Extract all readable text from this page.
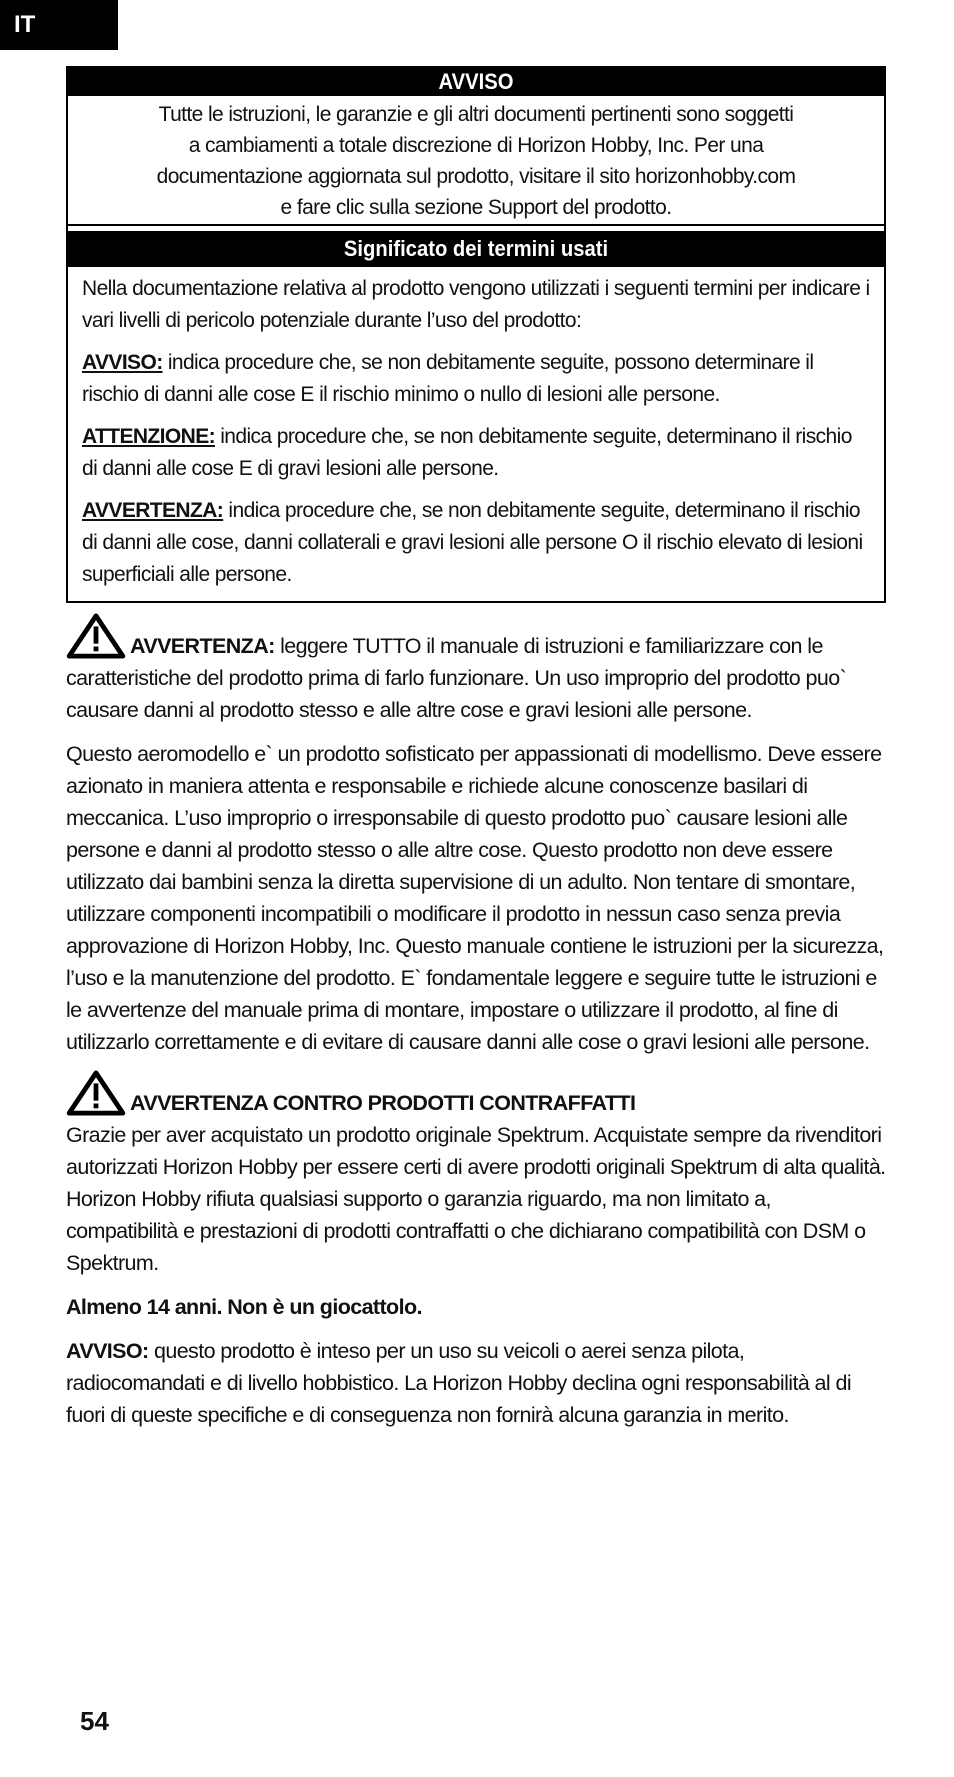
IT
AVVISO
Tutte le istruzioni, le garanzie e gli altri documenti pertinenti sono soggetti
a cambiamenti a totale discrezione di Horizon Hobby, Inc. Per una
documentazione aggiornata sul prodotto, visitare il sito horizonhobby.com
e fare clic sulla sezione Support del prodotto.
Significato dei termini usati

Nella documentazione relativa al prodotto vengono utilizzati i seguenti termini per indicare i vari livelli di pericolo potenziale durante l’uso del prodotto:

AVVISO: indica procedure che, se non debitamente seguite, possono determinare il rischio di danni alle cose E il rischio minimo o nullo di lesioni alle persone.

ATTENZIONE: indica procedure che, se non debitamente seguite, determinano il rischio di danni alle cose E di gravi lesioni alle persone.

AVVERTENZA: indica procedure che, se non debitamente seguite, determinano il rischio di danni alle cose, danni collaterali e gravi lesioni alle persone O il rischio elevato di lesioni superficiali alle persone.

AVVERTENZA: leggere TUTTO il manuale di istruzioni e familiarizzare con le caratteristiche del prodotto prima di farlo funzionare. Un uso improprio del prodotto puo` causare danni al prodotto stesso e alle altre cose e gravi lesioni alle persone.

Questo aeromodello e` un prodotto sofisticato per appassionati di modellismo. Deve essere azionato in maniera attenta e responsabile e richiede alcune conoscenze basilari di meccanica. L’uso improprio o irresponsabile di questo prodotto puo` causare lesioni alle persone e danni al prodotto stesso o alle altre cose. Questo prodotto non deve essere utilizzato dai bambini senza la diretta supervisione di un adulto. Non tentare di smontare, utilizzare componenti incompatibili o modificare il prodotto in nessun caso senza previa approvazione di Horizon Hobby, Inc. Questo manuale contiene le istruzioni per la sicurezza, l’uso e la manutenzione del prodotto. E` fondamentale leggere e seguire tutte le istruzioni e le avvertenze del manuale prima di montare, impostare o utilizzare il prodotto, al fine di utilizzarlo correttamente e di evitare di causare danni alle cose o gravi lesioni alle persone.

AVVERTENZA CONTRO PRODOTTI CONTRAFFATTI

Grazie per aver acquistato un prodotto originale Spektrum. Acquistate sempre da rivenditori autorizzati Horizon Hobby per essere certi di avere prodotti originali Spektrum di alta qualità. Horizon Hobby rifiuta qualsiasi supporto o garanzia riguardo, ma non limitato a, compatibilità e prestazioni di prodotti contraffatti o che dichiarano compatibilità con DSM o Spektrum.

Almeno 14 anni. Non è un giocattolo.

AVVISO: questo prodotto è inteso per un uso su veicoli o aerei senza pilota, radiocomandati e di livello hobbistico. La Horizon Hobby declina ogni responsabilità al di fuori di queste specifiche e di conseguenza non fornirà alcuna garanzia in merito.

54
